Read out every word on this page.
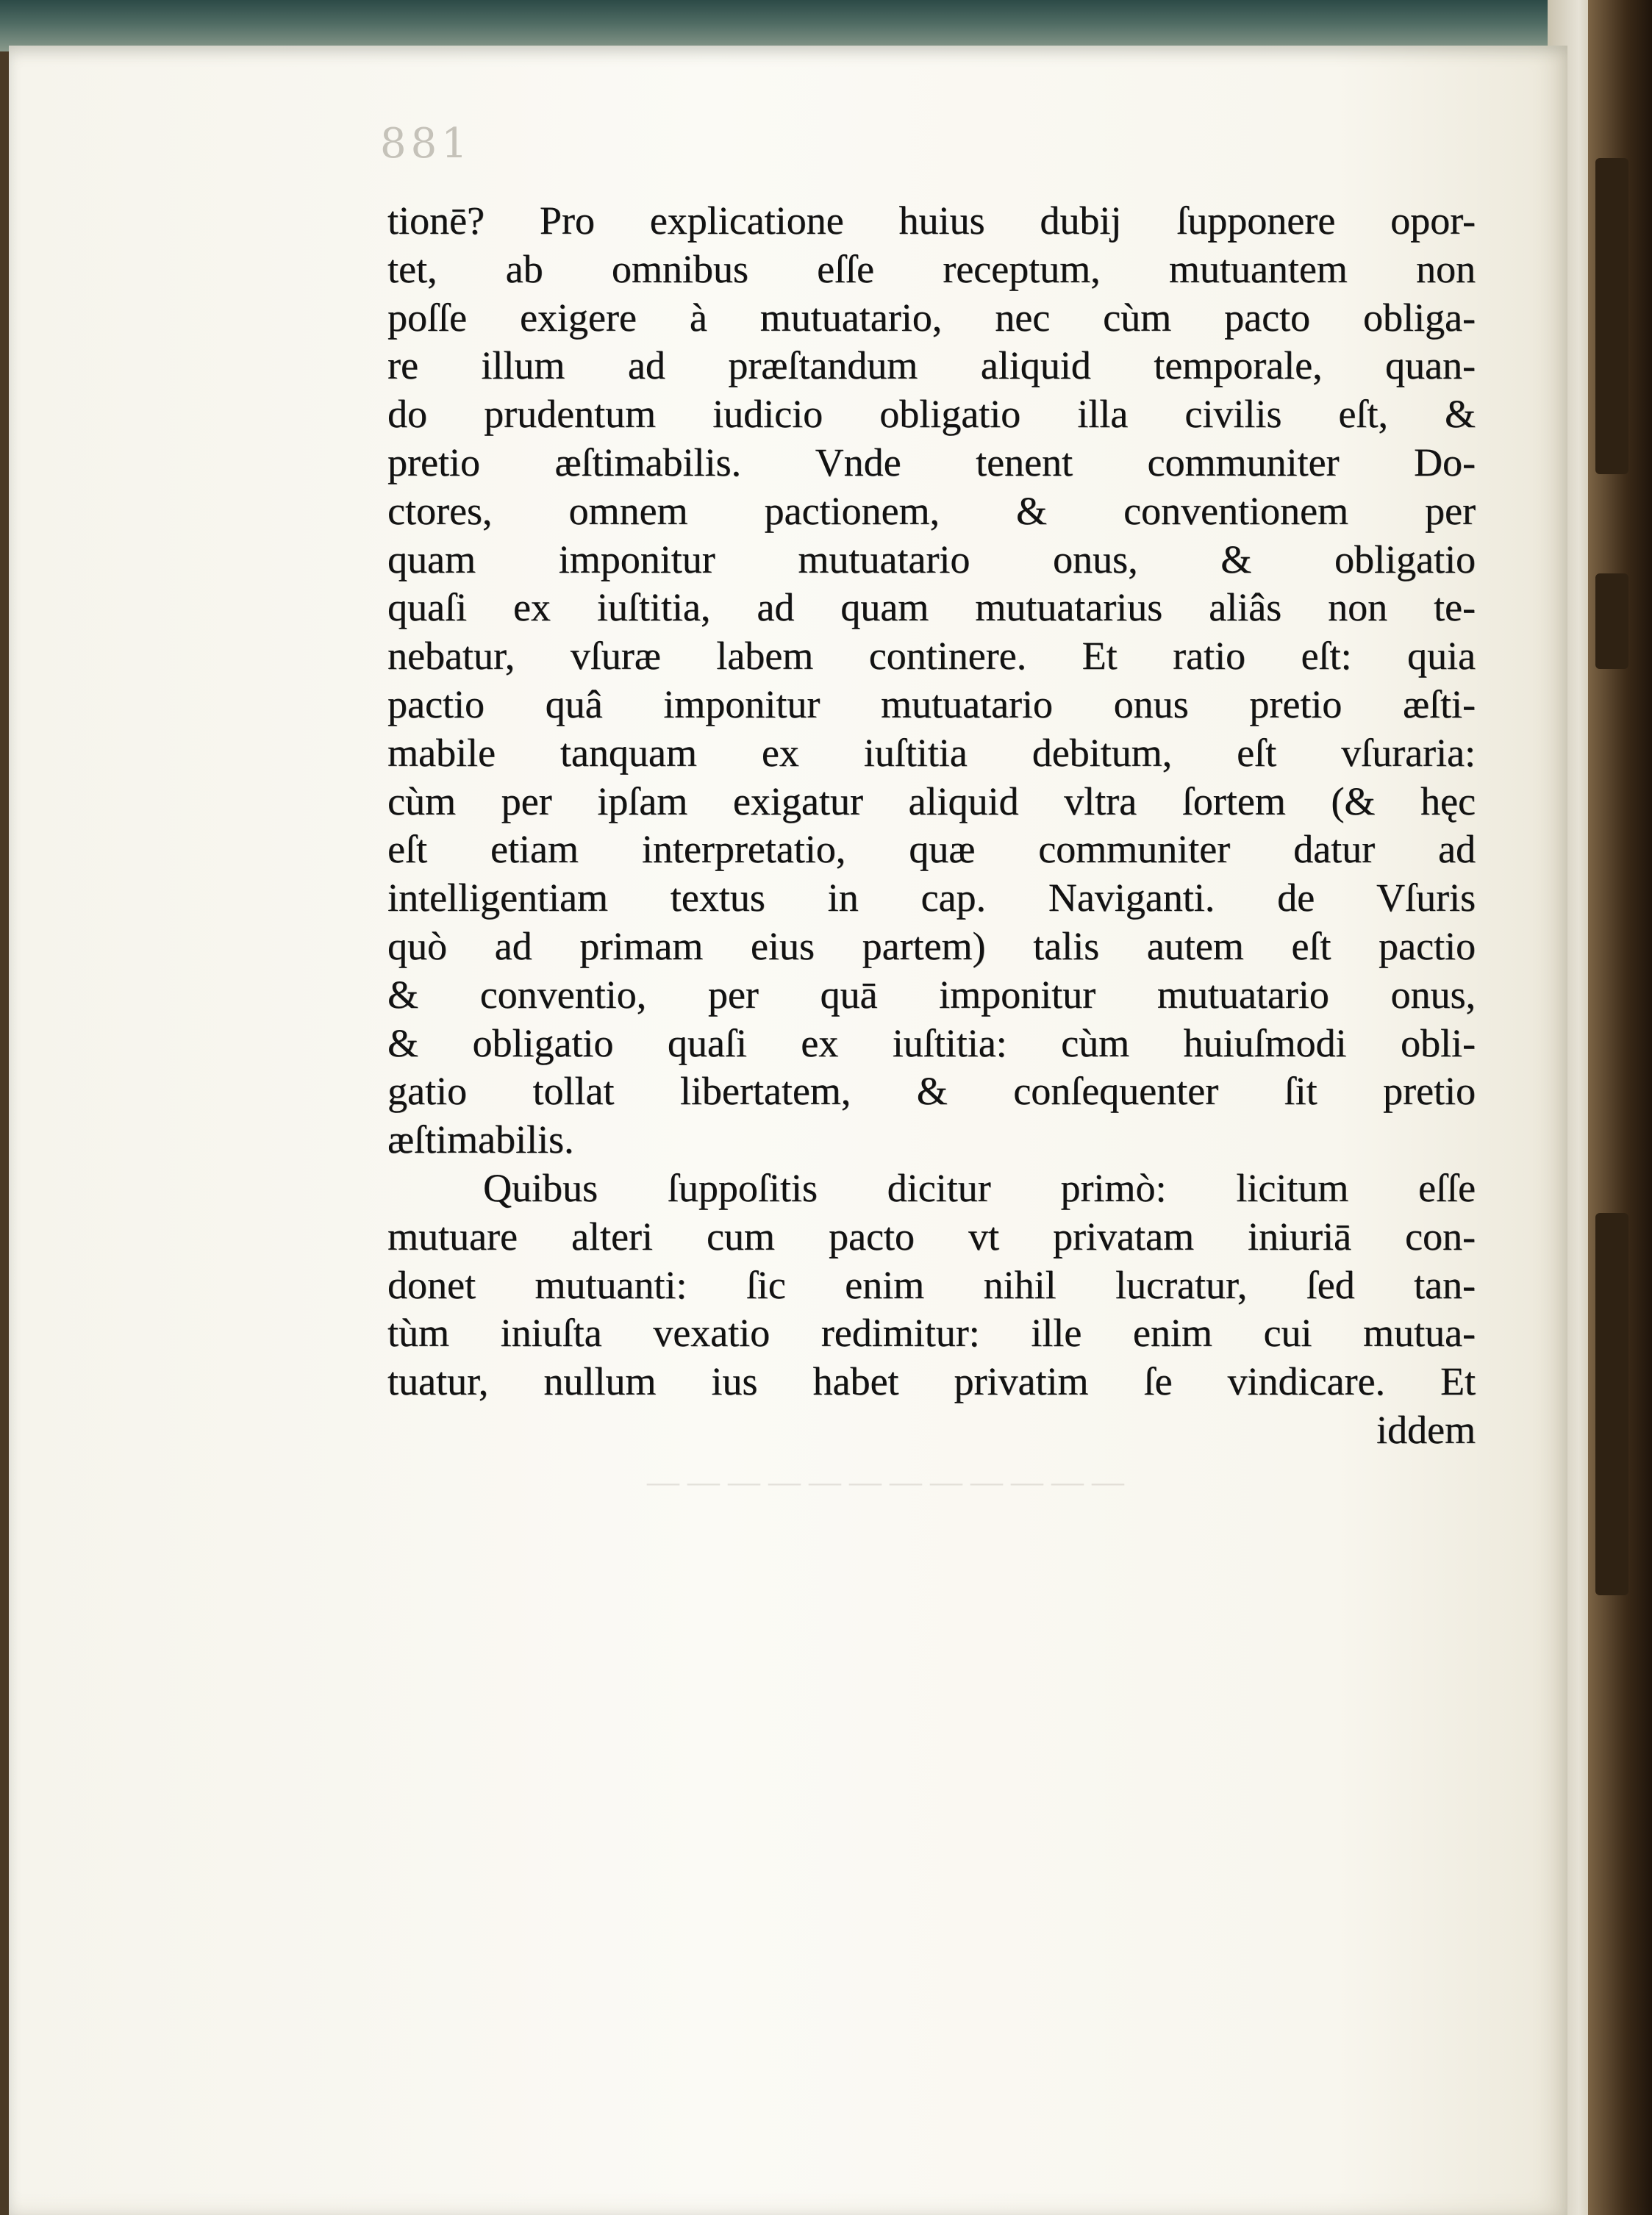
— — — — — — — — — — — —
881
tionē? Pro explicatione huius dubij ſupponere opor-
tet, ab omnibus eſſe receptum, mutuantem non
poſſe exigere à mutuatario, nec cùm pacto obliga-
re illum ad præſtandum aliquid temporale, quan-
do prudentum iudicio obligatio illa civilis eſt, &
pretio æſtimabilis. Vnde tenent communiter Do-
ctores, omnem pactionem, & conventionem per
quam imponitur mutuatario onus, & obligatio
quaſi ex iuſtitia, ad quam mutuatarius aliâs non te-
nebatur, vſuræ labem continere. Et ratio eſt: quia
pactio quâ imponitur mutuatario onus pretio æſti-
mabile tanquam ex iuſtitia debitum, eſt vſuraria:
cùm per ipſam exigatur aliquid vltra ſortem (& hęc
eſt etiam interpretatio, quæ communiter datur ad
intelligentiam textus in cap. Naviganti. de Vſuris
quò ad primam eius partem) talis autem eſt pactio
& conventio, per quā imponitur mutuatario onus,
& obligatio quaſi ex iuſtitia: cùm huiuſmodi obli-
gatio tollat libertatem, & conſequenter ſit pretio
æſtimabilis.
Quibus ſuppoſitis dicitur primò: licitum eſſe
mutuare alteri cum pacto vt privatam iniuriā con-
donet mutuanti: ſic enim nihil lucratur, ſed tan-
tùm iniuſta vexatio redimitur: ille enim cui mutua-
tuatur, nullum ius habet privatim ſe vindicare. Et
iddem
